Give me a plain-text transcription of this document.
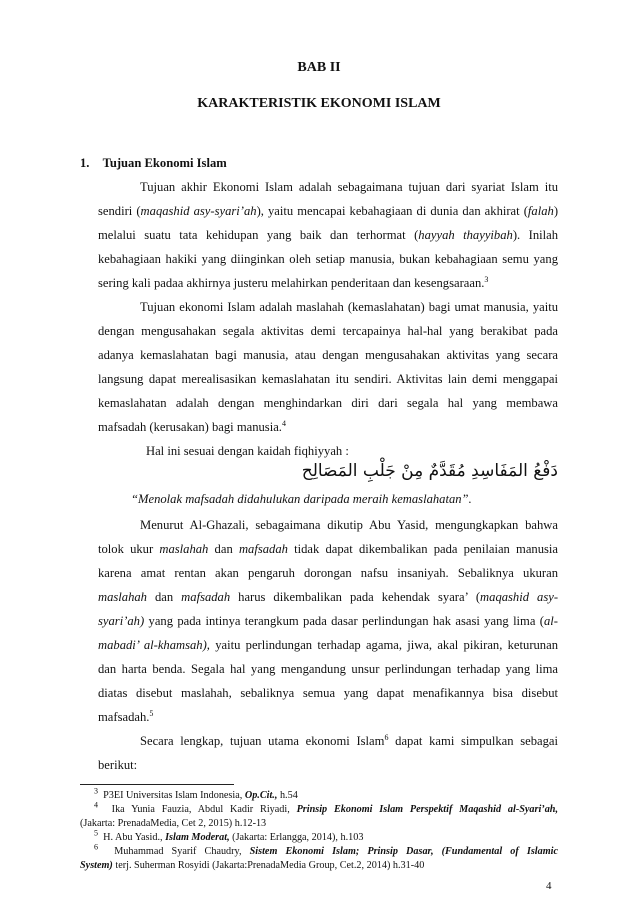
BAB II
KARAKTERISTIK EKONOMI ISLAM
1. Tujuan Ekonomi Islam
Tujuan akhir Ekonomi Islam adalah sebagaimana tujuan dari syariat Islam itu
sendiri (maqashid asy-syari’ah), yaitu mencapai kebahagiaan di dunia dan akhirat (falah)
melalui suatu tata kehidupan yang baik dan terhormat (hayyah thayyibah). Inilah
kebahagiaan hakiki yang diinginkan oleh setiap manusia, bukan kebahagiaan semu yang
sering kali padaa akhirnya justeru melahirkan penderitaan dan kesengsaraan.$^3$
Tujuan ekonomi Islam adalah maslahah (kemaslahatan) bagi umat manusia, yaitu
dengan mengusahakan segala aktivitas demi tercapainya hal-hal yang berakibat pada
adanya kemaslahatan bagi manusia, atau dengan mengusahakan aktivitas yang secara
langsung dapat merealisasikan kemaslahatan itu sendiri. Aktivitas lain demi menggapai
kemaslahatan adalah dengan menghindarkan diri dari segala hal yang membawa
mafsadah (kerusakan) bagi manusia.$^4$
Hal ini sesuai dengan kaidah fiqhiyyah :
دَفْعُ المَفَاسِدِ مُقَدَّمٌ مِنْ جَلْبِ المَصَالِح
“Menolak mafsadah didahulukan daripada meraih kemaslahatan”.
Menurut Al-Ghazali, sebagaimana dikutip Abu Yasid, mengungkapkan bahwa
tolok ukur maslahah dan mafsadah tidak dapat dikembalikan pada penilaian manusia
karena amat rentan akan pengaruh dorongan nafsu insaniyah. Sebaliknya ukuran
maslahah dan mafsadah harus dikembalikan pada kehendak syara’ (maqashid asy-
syari’ah) yang pada intinya terangkum pada dasar perlindungan hak asasi yang lima (al-
mabadi’ al-khamsah), yaitu perlindungan terhadap agama, jiwa, akal pikiran, keturunan
dan harta benda. Segala hal yang mengandung unsur perlindungan terhadap yang lima
diatas disebut maslahah, sebaliknya semua yang dapat menafikannya bisa disebut
mafsadah.$^5$
Secara lengkap, tujuan utama ekonomi Islam$^6$ dapat kami simpulkan sebagai
berikut:
$^3$ P3EI Universitas Islam Indonesia, Op.Cit., h.54
$^4$ Ika Yunia Fauzia, Abdul Kadir Riyadi, Prinsip Ekonomi Islam Perspektif Maqashid al-Syari’ah,
(Jakarta: PrenadaMedia, Cet 2, 2015) h.12-13
$^5$ H. Abu Yasid., Islam Moderat, (Jakarta: Erlangga, 2014), h.103
$^6$ Muhammad Syarif Chaudry, Sistem Ekonomi Islam; Prinsip Dasar, (Fundamental of Islamic
System) terj. Suherman Rosyidi (Jakarta:PrenadaMedia Group, Cet.2, 2014) h.31-40
4
